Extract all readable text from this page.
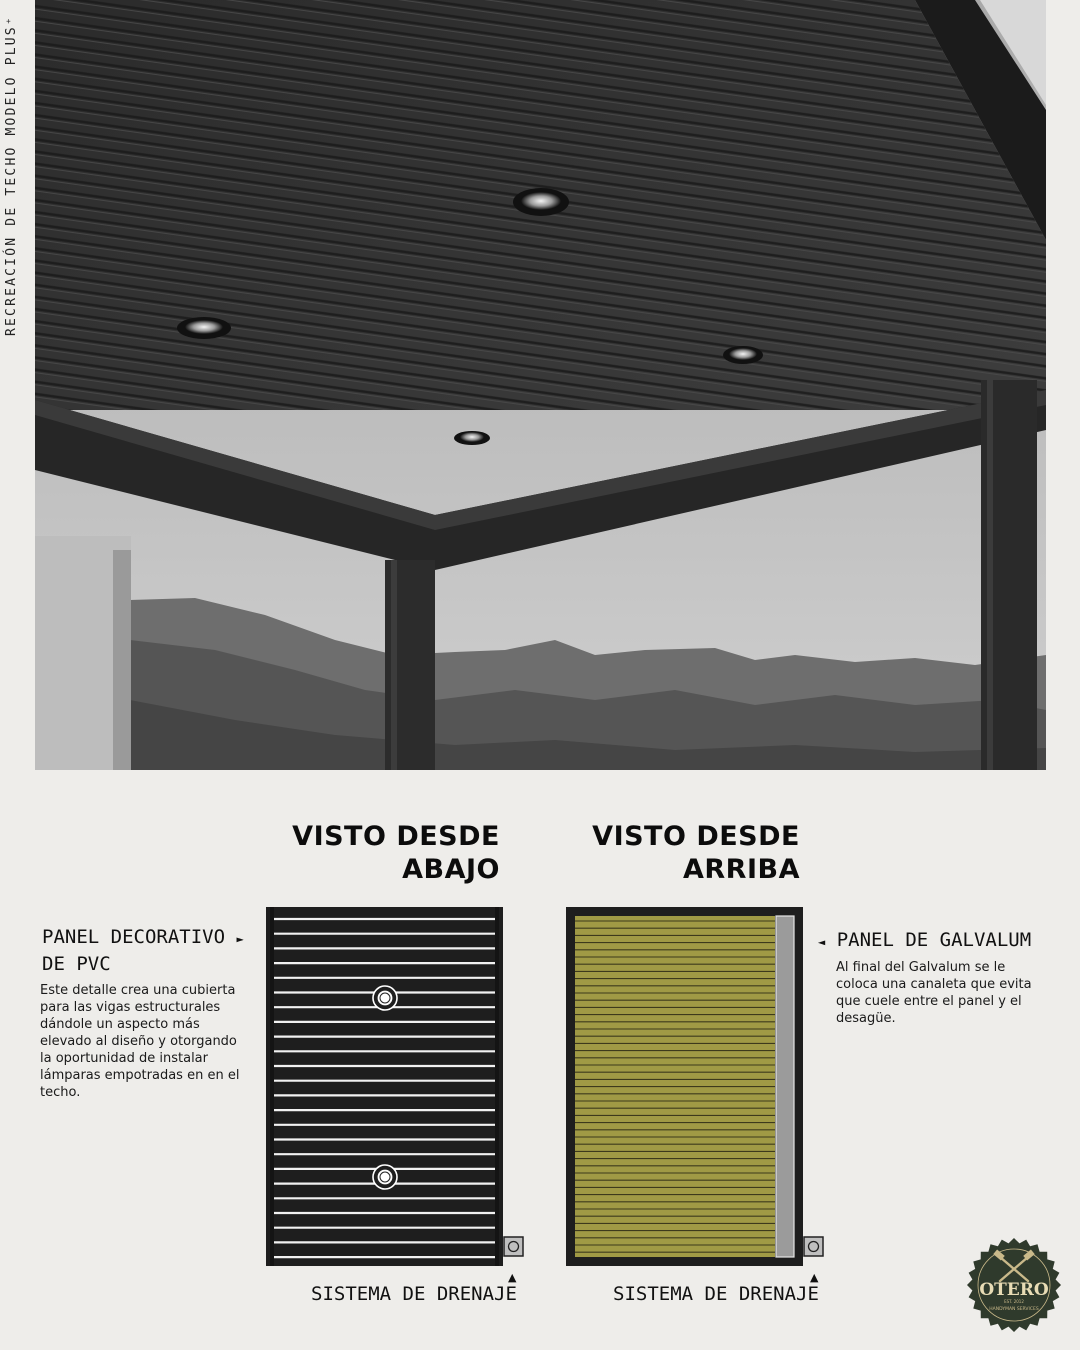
RECREACIÓN DE TECHO MODELO PLUS⁺
VISTO DESDE
ABAJO
VISTO DESDE
ARRIBA
PANEL DECORATIVO ►
DE PVC
Este detalle crea una cubierta para las vigas estructurales dándole un aspecto más elevado al diseño y otorgando la oportunidad de instalar lámparas empotradas en en el techo.
◄ PANEL DE GALVALUM
Al final del Galvalum se le coloca una canaleta que evita que cuele entre el panel y el desagüe.
▲
SISTEMA DE DRENAJE
▲
SISTEMA DE DRENAJE	OTERO
EST. 2012
HANDYMAN SERVICES
